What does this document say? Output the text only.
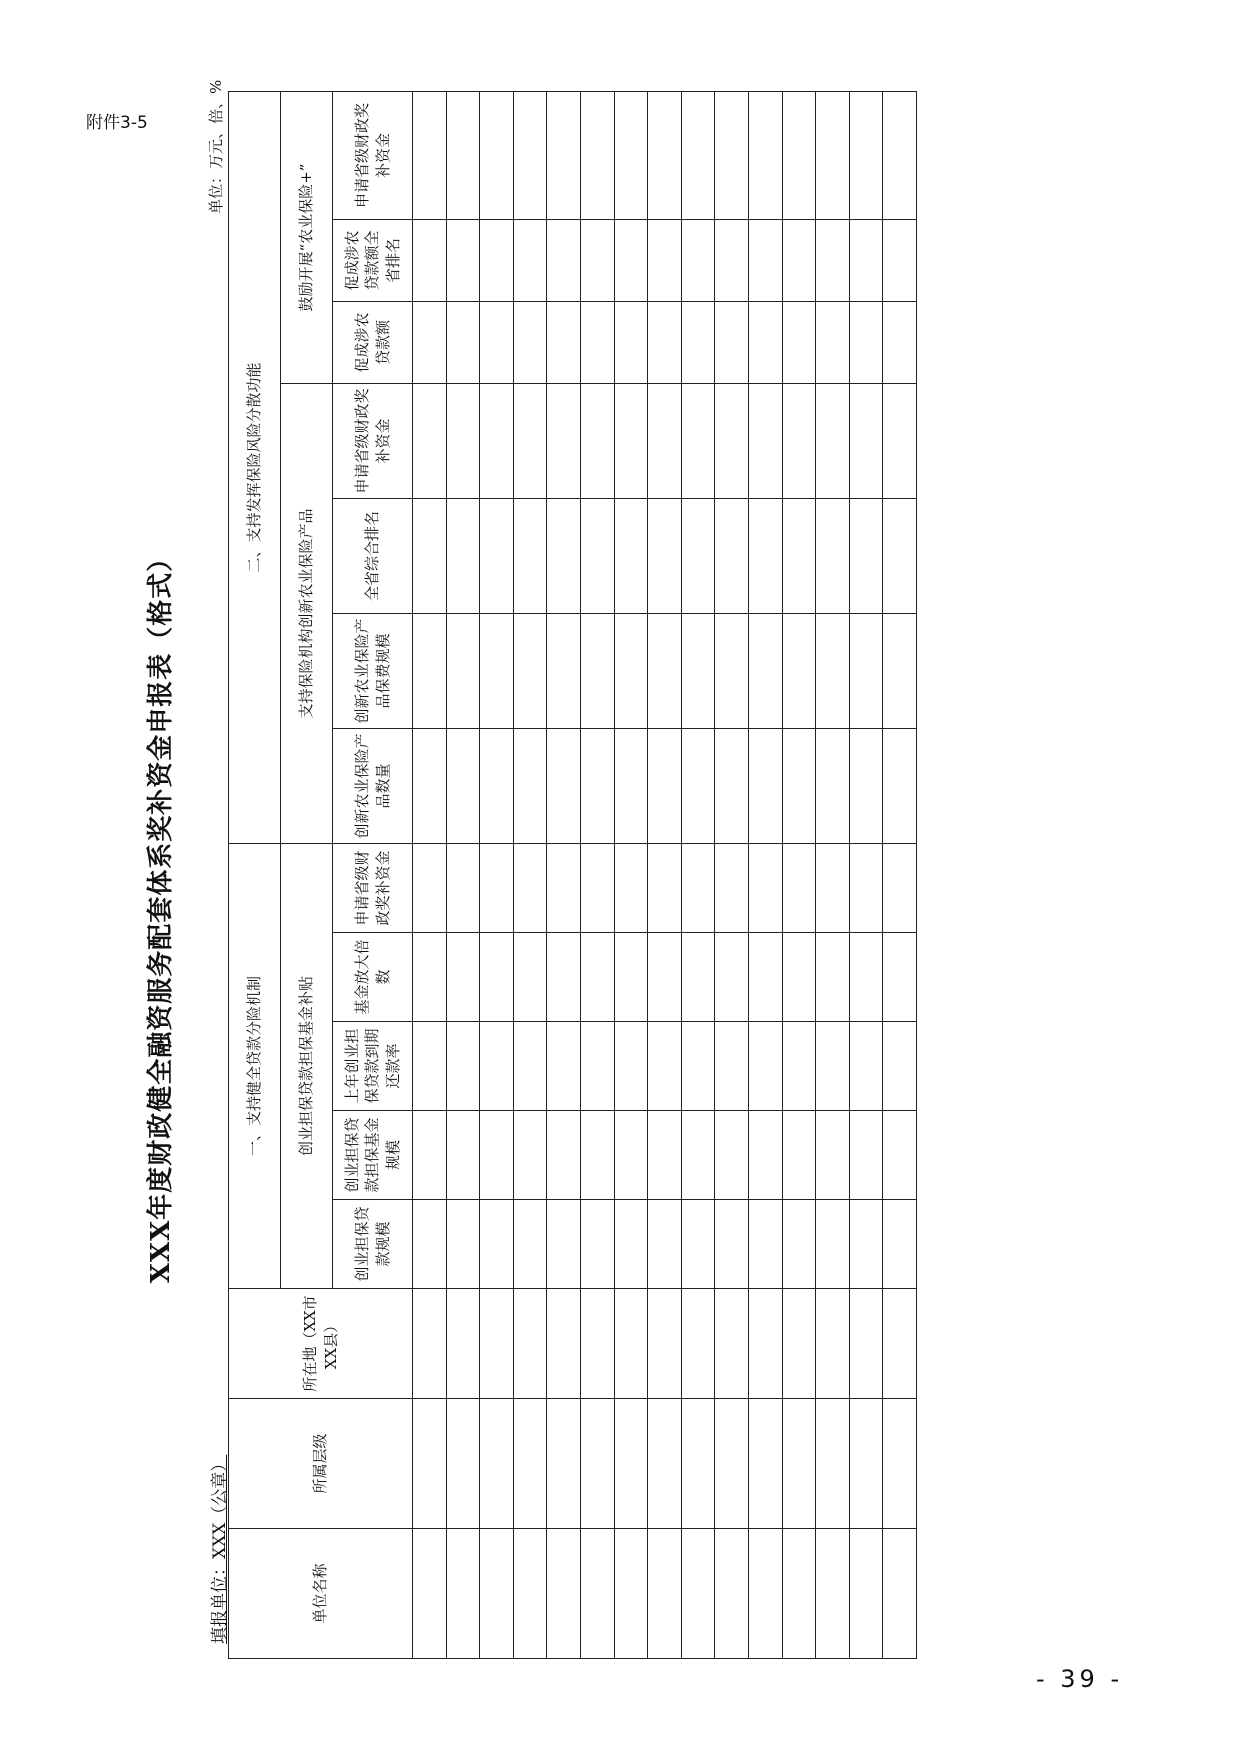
附件3-5
- 39 -
XXX年度财政健全融资服务配套体系奖补资金申报表（格式）
填报单位：XXX（公章）
单位：万元、倍、%
单位名称	所属层级	所在地（XX市XX县）	一、支持健全贷款分险机制					二、支持发挥保险风险分散功能						
			创业担保贷款担保基金补贴					支持保险机构创新农业保险产品				鼓励开展“农业保险+”		
			创业担保贷款规模	创业担保贷款担保基金规模	上年创业担保贷款到期还款率	基金放大倍数	申请省级财政奖补资金	创新农业保险产品数量	创新农业保险产品保费规模	全省综合排名	申请省级财政奖补资金	促成涉农贷款额	促成涉农贷款额全省排名	申请省级财政奖补资金
